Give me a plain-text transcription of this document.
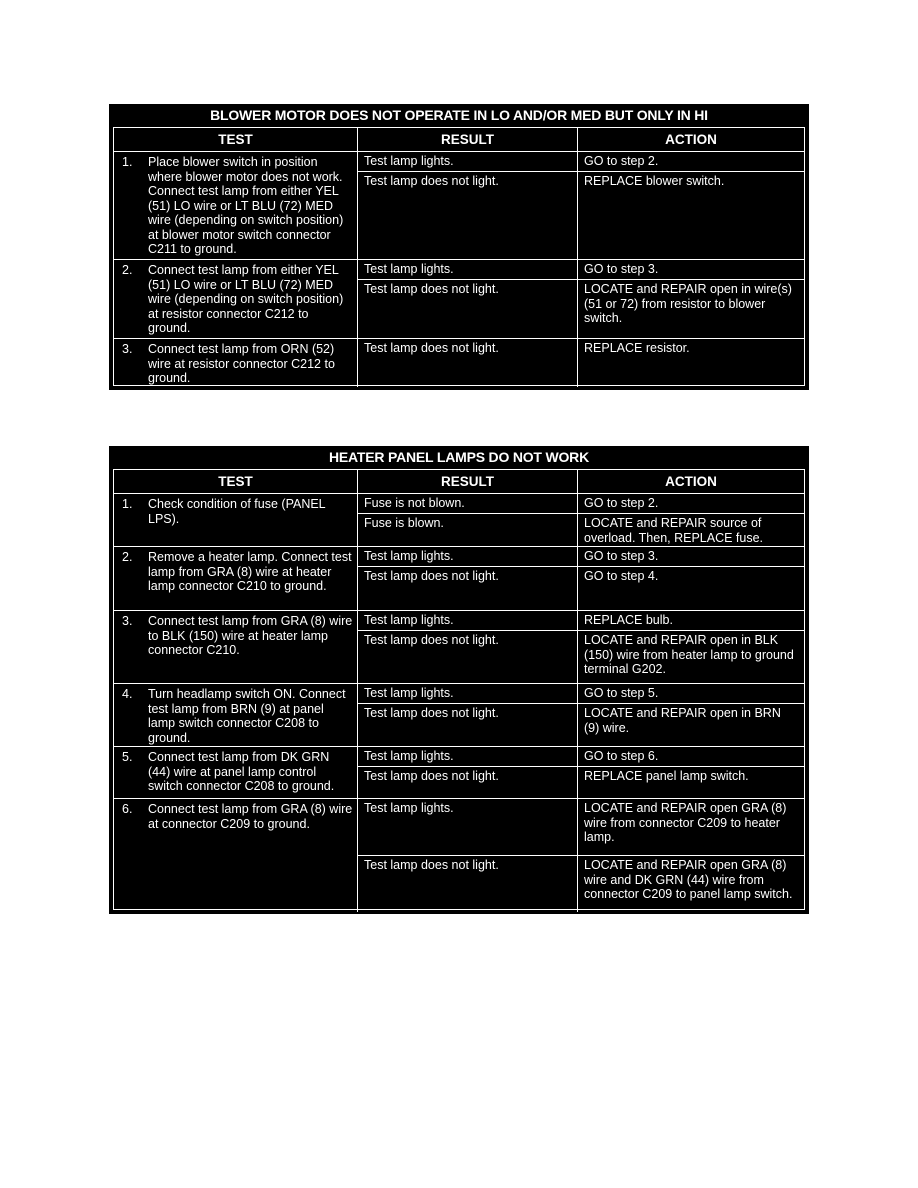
BLOWER MOTOR DOES NOT OPERATE IN LO AND/OR MED BUT ONLY IN HI
TEST	RESULT	ACTION
1.	Place blower switch in position where blower motor does not work. Connect test lamp from either YEL (51) LO wire or LT BLU (72) MED wire (depending on switch position) at blower motor switch connector C211 to ground.
Test lamp lights.	GO to step 2.
Test lamp does not light.	REPLACE blower switch.
2.	Connect test lamp from either YEL (51) LO wire or LT BLU (72) MED wire (depending on switch position) at resistor connector C212 to ground.
Test lamp lights.	GO to step 3.
Test lamp does not light.	LOCATE and REPAIR open in wire(s) (51 or 72) from resistor to blower switch.
3.	Connect test lamp from ORN (52) wire at resistor connector C212 to ground.
Test lamp does not light.	REPLACE resistor.
HEATER PANEL LAMPS DO NOT WORK
TEST	RESULT	ACTION
1.	Check condition of fuse (PANEL LPS).
Fuse is not blown.	GO to step 2.
Fuse is blown.	LOCATE and REPAIR source of overload. Then, REPLACE fuse.
2.	Remove a heater lamp. Connect test lamp from GRA (8) wire at heater lamp connector C210 to ground.
Test lamp lights.	GO to step 3.
Test lamp does not light.	GO to step 4.
3.	Connect test lamp from GRA (8) wire to BLK (150) wire at heater lamp connector C210.
Test lamp lights.	REPLACE bulb.
Test lamp does not light.	LOCATE and REPAIR open in BLK (150) wire from heater lamp to ground terminal G202.
4.	Turn headlamp switch ON. Connect test lamp from BRN (9) at panel lamp switch connector C208 to ground.
Test lamp lights.	GO to step 5.
Test lamp does not light.	LOCATE and REPAIR open in BRN (9) wire.
5.	Connect test lamp from DK GRN (44) wire at panel lamp control switch connector C208 to ground.
Test lamp lights.	GO to step 6.
Test lamp does not light.	REPLACE panel lamp switch.
6.	Connect test lamp from GRA (8) wire at connector C209 to ground.
Test lamp lights.	LOCATE and REPAIR open GRA (8) wire from connector C209 to heater lamp.
Test lamp does not light.	LOCATE and REPAIR open GRA (8) wire and DK GRN (44) wire from connector C209 to panel lamp switch.
